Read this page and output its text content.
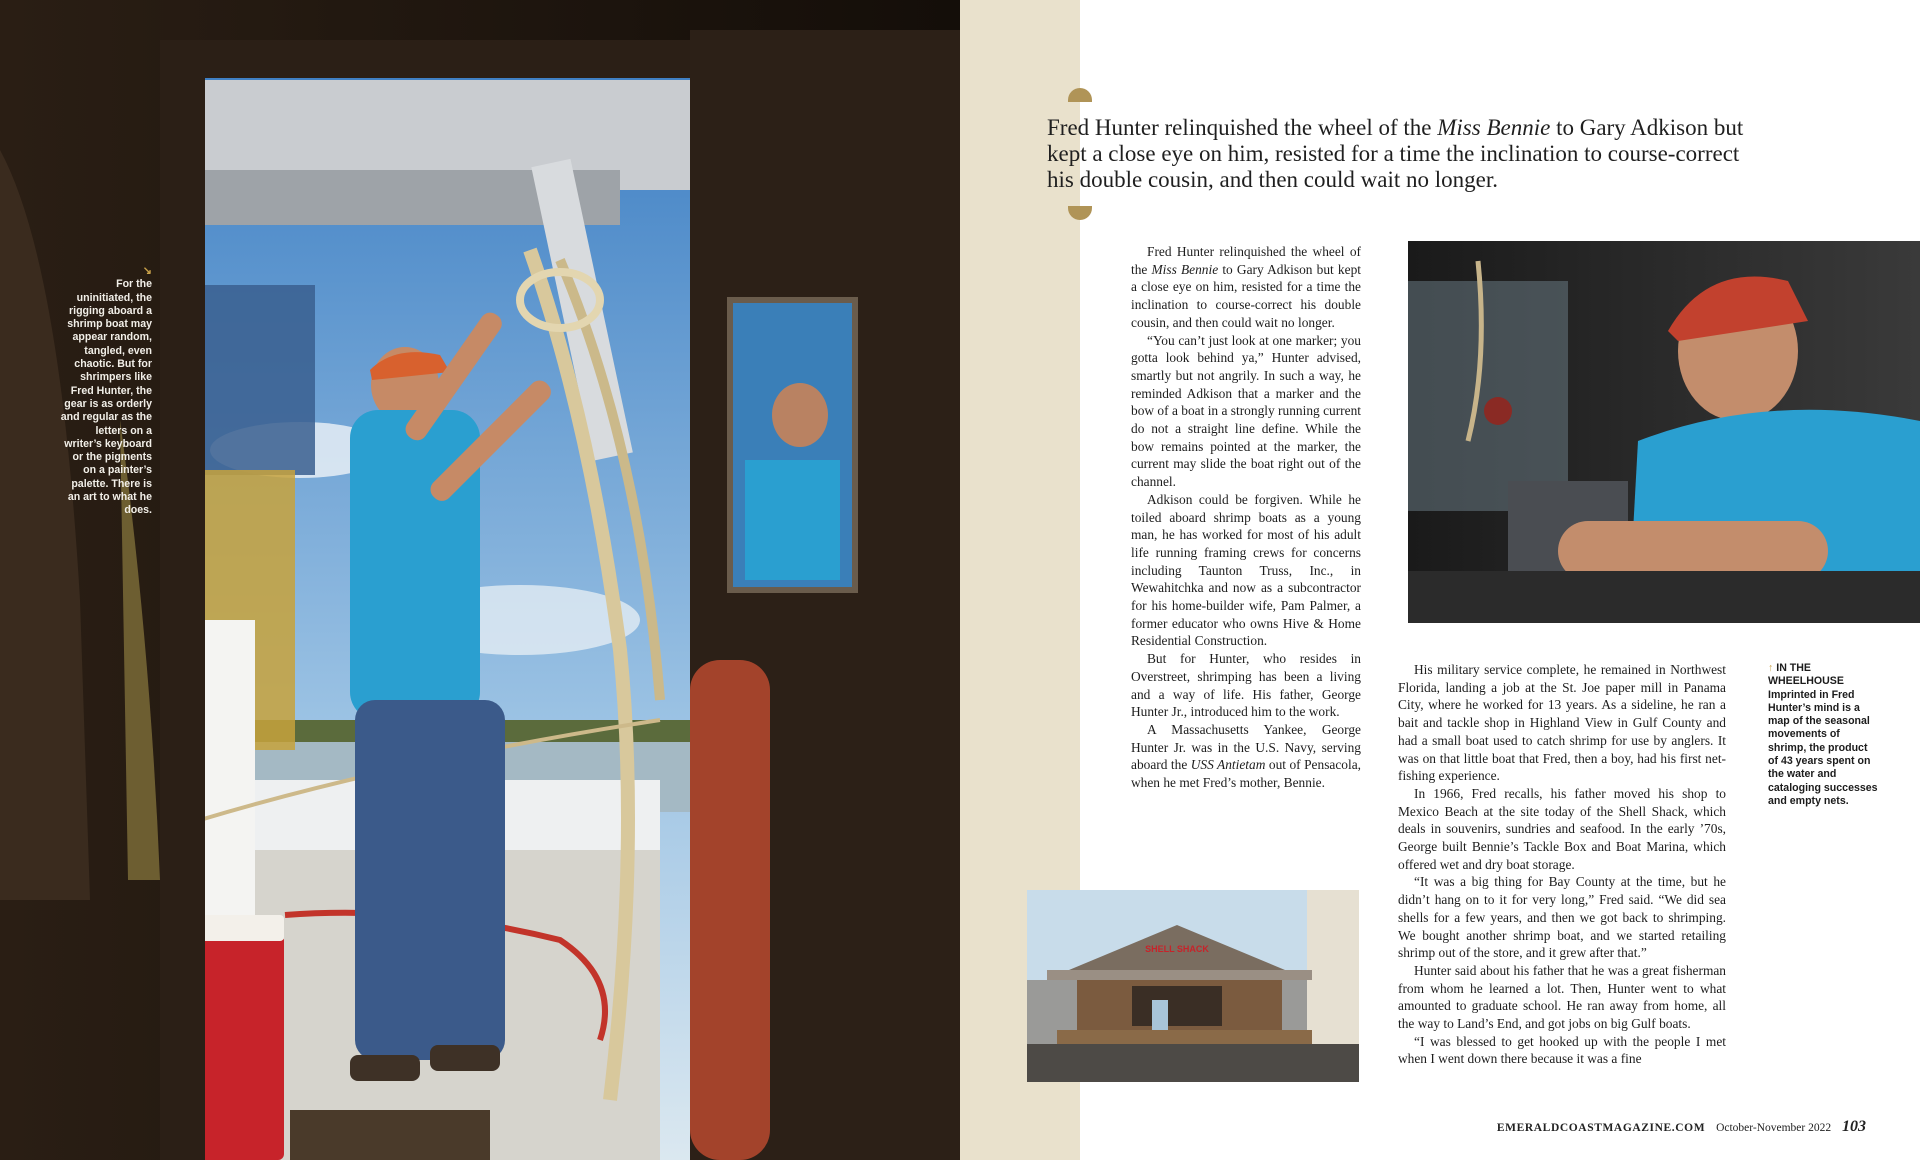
↘
For the uninitiated, the rigging aboard a shrimp boat may appear random, tangled, even chaotic. But for shrimpers like Fred Hunter, the gear is as orderly and regular as the letters on a writer’s keyboard or the pigments on a painter’s palette. There is an art to what he does.
Fred Hunter relinquished the wheel of the Miss Bennie to Gary Adkison but kept a close eye on him, resisted for a time the inclination to course-correct his double cousin, and then could wait no longer.

Fred Hunter relinquished the wheel of the Miss Bennie to Gary Adkison but kept a close eye on him, resisted for a time the inclination to course-correct his double cousin, and then could wait no longer.

“You can’t just look at one marker; you gotta look behind ya,” Hunter advised, smartly but not angrily. In such a way, he reminded Adkison that a marker and the bow of a boat in a strongly running current do not a straight line define. While the bow remains pointed at the marker, the current may slide the boat right out of the channel.

Adkison could be forgiven. While he toiled aboard shrimp boats as a young man, he has worked for most of his adult life running framing crews for concerns including Taunton Truss, Inc., in Wewahitchka and now as a subcontractor for his home-builder wife, Pam Palmer, a former educator who owns Hive & Home Residential Construction.

But for Hunter, who resides in Overstreet, shrimping has been a living and a way of life. His father, George Hunter Jr., introduced him to the work.

A Massachusetts Yankee, George Hunter Jr. was in the U.S. Navy, serving aboard the USS Antietam out of Pensacola, when he met Fred’s mother, Bennie.

SHELL SHACK

His military service complete, he remained in Northwest Florida, landing a job at the St. Joe paper mill in Panama City, where he worked for 13 years. As a sideline, he ran a bait and tackle shop in Highland View in Gulf County and had a small boat used to catch shrimp for use by anglers. It was on that little boat that Fred, then a boy, had his first net-fishing experience.

In 1966, Fred recalls, his father moved his shop to Mexico Beach at the site today of the Shell Shack, which deals in souvenirs, sundries and seafood. In the early ’70s, George built Bennie’s Tackle Box and Boat Marina, which offered wet and dry boat storage.

“It was a big thing for Bay County at the time, but he didn’t hang on to it for very long,” Fred said. “We did sea shells for a few years, and then we got back to shrimping. We bought another shrimp boat, and we started retailing shrimp out of the store, and it grew after that.”

Hunter said about his father that he was a great fisherman from whom he learned a lot. Then, Hunter went to what amounted to graduate school. He ran away from home, all the way to Land’s End, and got jobs on big Gulf boats.

“I was blessed to get hooked up with the people I met when I went down there because it was a fine

↑ IN THE WHEELHOUSE
Imprinted in Fred Hunter’s mind is a map of the seasonal movements of shrimp, the product of 43 years spent on the water and cataloging successes and empty nets.
EMERALDCOASTMAGAZINE.COM October-November 2022 103
